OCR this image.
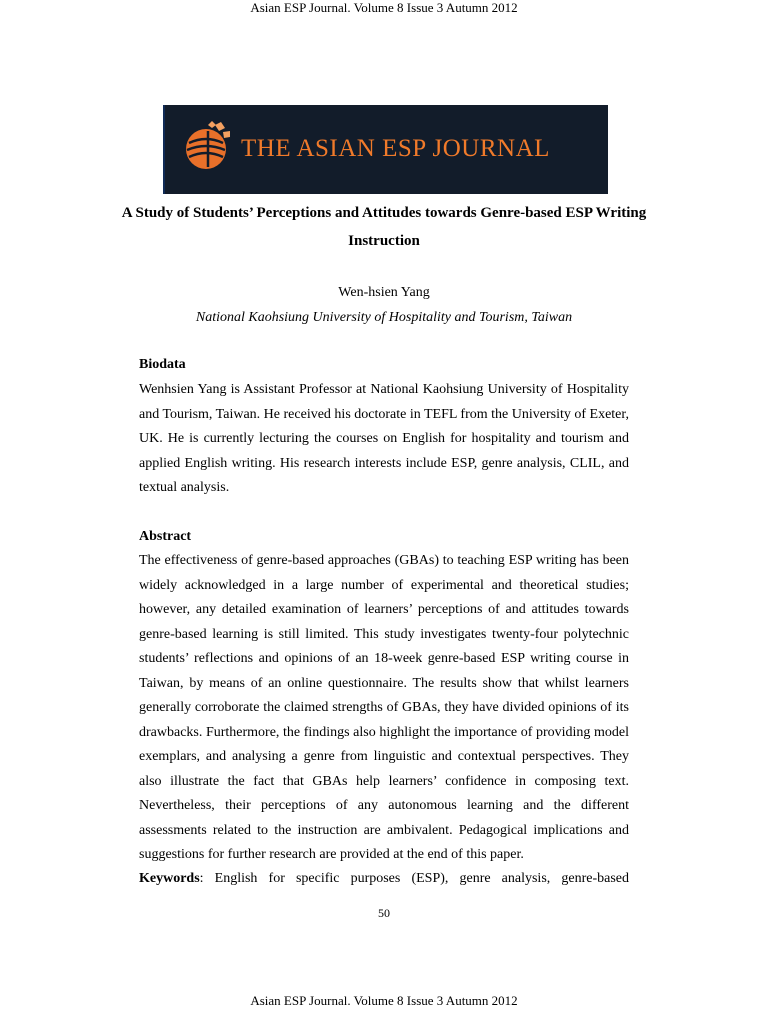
Asian ESP Journal. Volume 8 Issue 3 Autumn 2012
THE ASIAN ESP JOURNAL
A Study of Students’ Perceptions and Attitudes towards Genre-based ESP Writing Instruction
Wen-hsien Yang
National Kaohsiung University of Hospitality and Tourism, Taiwan
Biodata
Wenhsien Yang is Assistant Professor at National Kaohsiung University of Hospitality and Tourism, Taiwan. He received his doctorate in TEFL from the University of Exeter, UK. He is currently lecturing the courses on English for hospitality and tourism and applied English writing. His research interests include ESP, genre analysis, CLIL, and textual analysis.
Abstract
The effectiveness of genre-based approaches (GBAs) to teaching ESP writing has been widely acknowledged in a large number of experimental and theoretical studies; however, any detailed examination of learners’ perceptions of and attitudes towards genre-based learning is still limited. This study investigates twenty-four polytechnic students’ reflections and opinions of an 18-week genre-based ESP writing course in Taiwan, by means of an online questionnaire. The results show that whilst learners generally corroborate the claimed strengths of GBAs, they have divided opinions of its drawbacks. Furthermore, the findings also highlight the importance of providing model exemplars, and analysing a genre from linguistic and contextual perspectives. They also illustrate the fact that GBAs help learners’ confidence in composing text. Nevertheless, their perceptions of any autonomous learning and the different assessments related to the instruction are ambivalent. Pedagogical implications and suggestions for further research are provided at the end of this paper.
Keywords: English for specific purposes (ESP), genre analysis, genre-based
50
Asian ESP Journal. Volume 8 Issue 3 Autumn 2012
